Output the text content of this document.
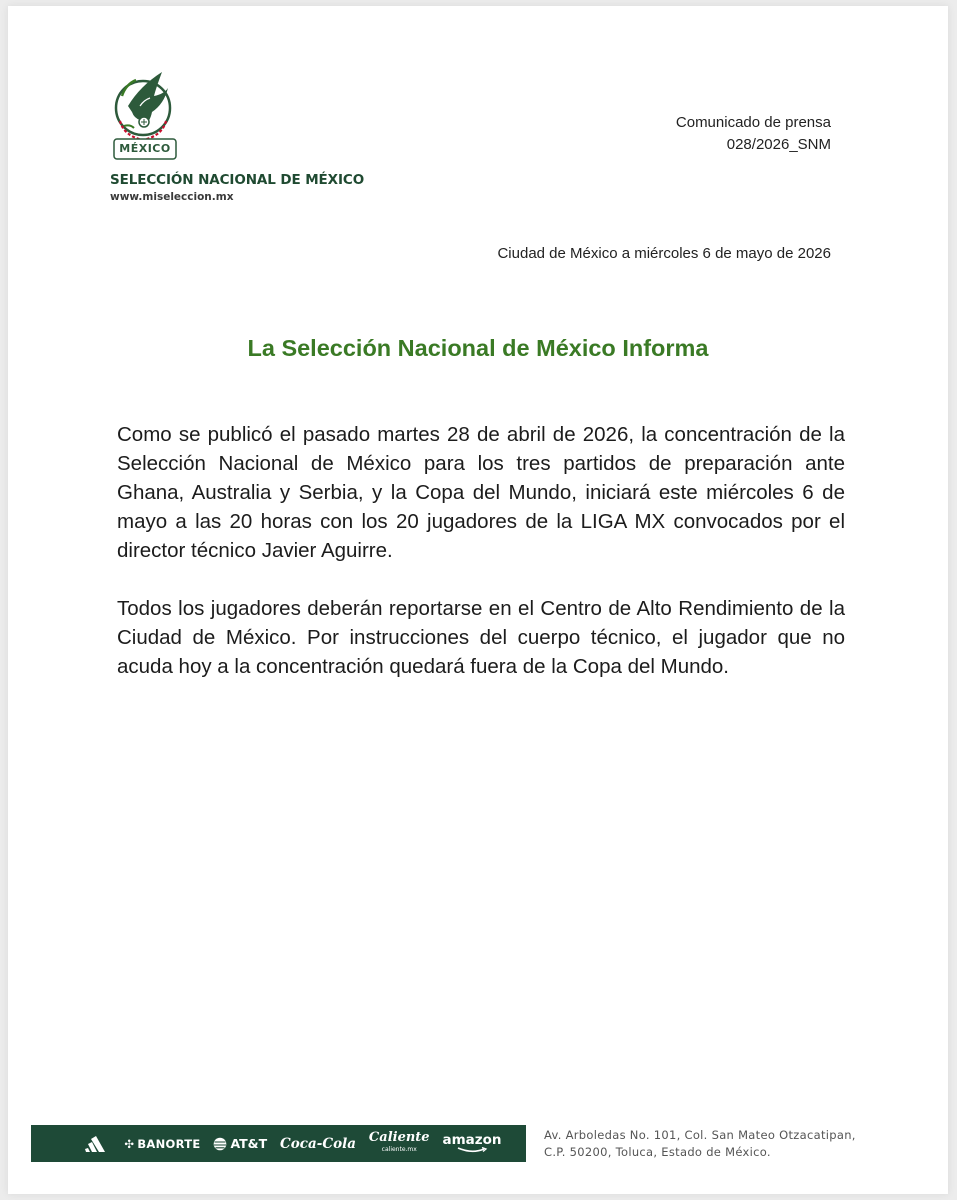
MÉXICO
SELECCIÓN NACIONAL DE MÉXICO
www.miseleccion.mx
Comunicado de prensa
028/2026_SNM
Ciudad de México a miércoles 6 de mayo de 2026
La Selección Nacional de México Informa

Como se publicó el pasado martes 28 de abril de 2026, la concentración de la Selección Nacional de México para los tres partidos de preparación ante Ghana, Australia y Serbia, y la Copa del Mundo, iniciará este miércoles 6 de mayo a las 20 horas con los 20 jugadores de la LIGA MX convocados por el director técnico Javier Aguirre.

Todos los jugadores deberán reportarse en el Centro de Alto Rendimiento de la Ciudad de México. Por instrucciones del cuerpo técnico, el jugador que no acuda hoy a la concentración quedará fuera de la Copa del Mundo.

✣ BANORTE AT&T Coca-Cola Caliente
caliente.mx
amazon	Av. Arboledas No. 101, Col. San Mateo Otzacatipan,
C.P. 50200, Toluca, Estado de México.
